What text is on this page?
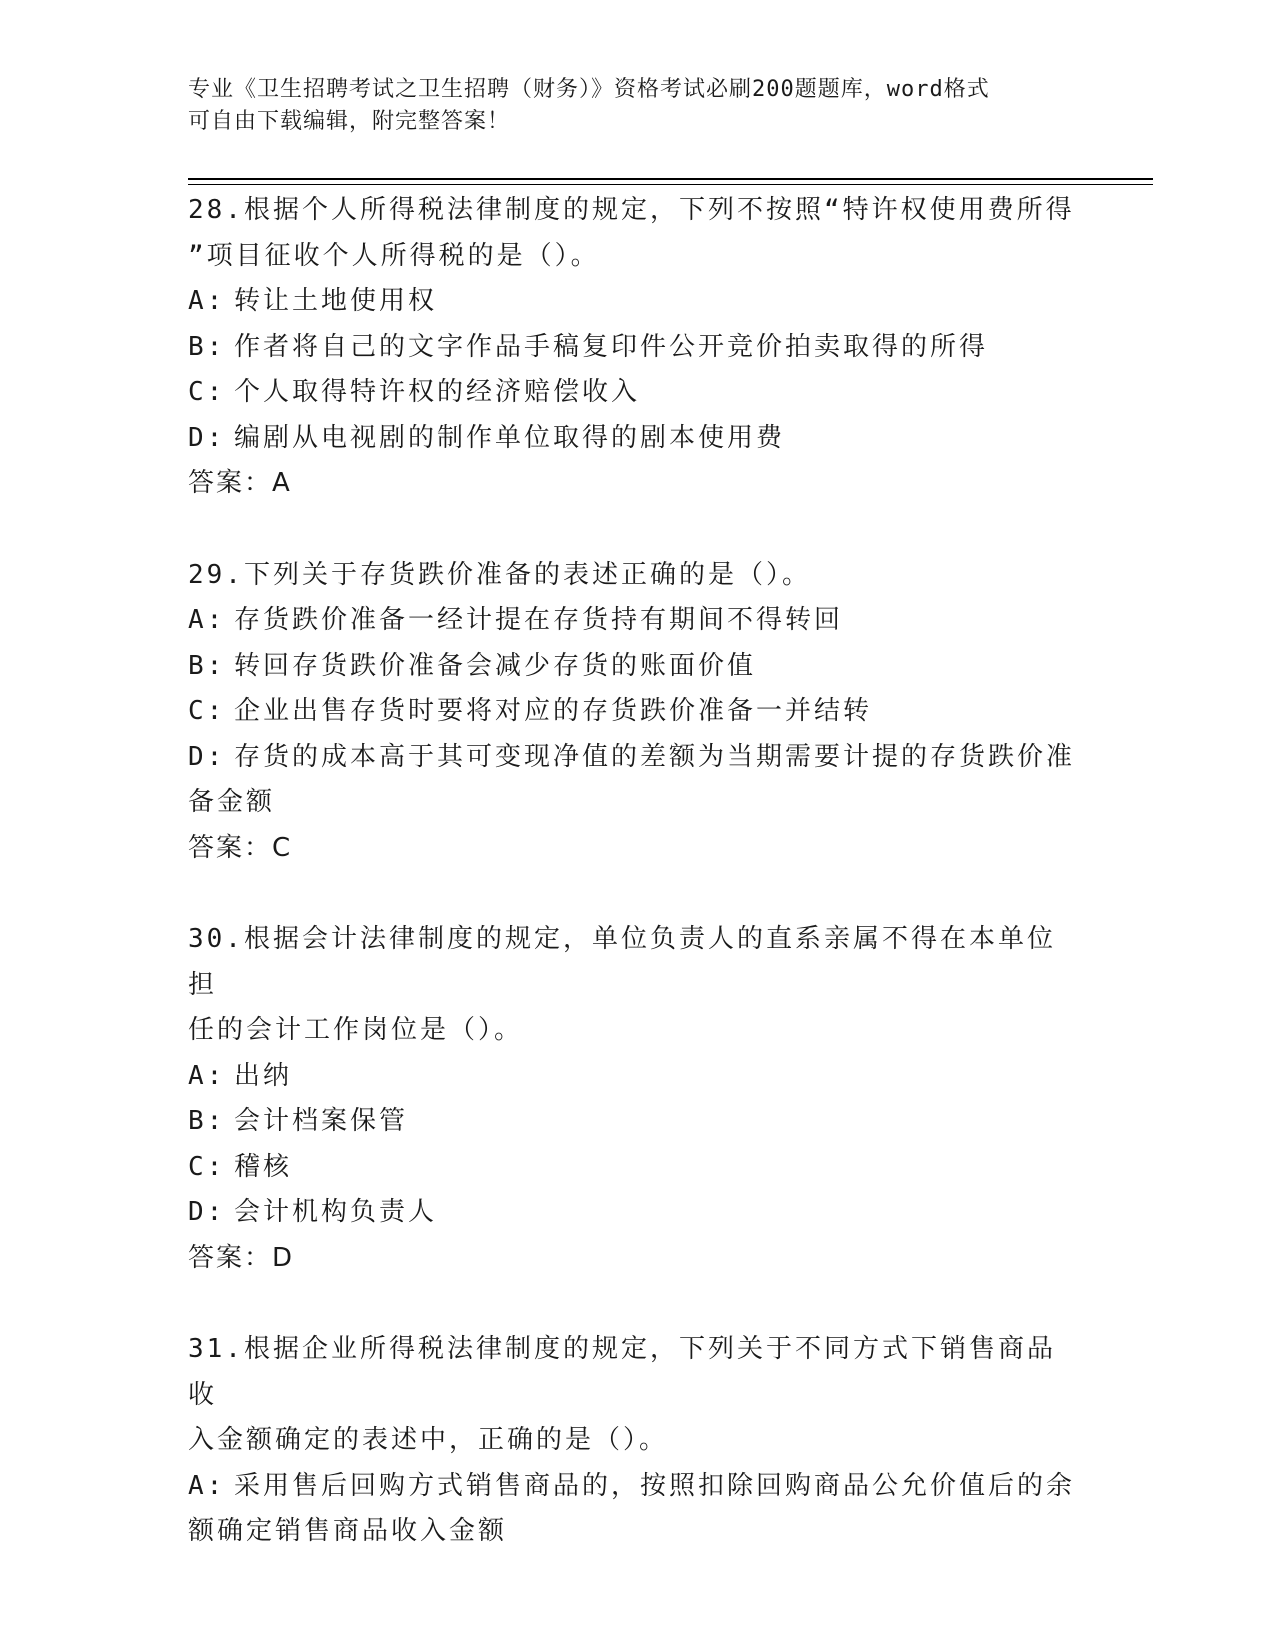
专业《卫生招聘考试之卫生招聘（财务）》资格考试必刷200题题库，word格式
可自由下载编辑，附完整答案！

28.根据个人所得税法律制度的规定，下列不按照“特许权使用费所得

”项目征收个人所得税的是（）。

A: 转让土地使用权

B: 作者将自己的文字作品手稿复印件公开竞价拍卖取得的所得

C: 个人取得特许权的经济赔偿收入

D: 编剧从电视剧的制作单位取得的剧本使用费

答案：A

29.下列关于存货跌价准备的表述正确的是（）。

A: 存货跌价准备一经计提在存货持有期间不得转回

B: 转回存货跌价准备会减少存货的账面价值

C: 企业出售存货时要将对应的存货跌价准备一并结转

D: 存货的成本高于其可变现净值的差额为当期需要计提的存货跌价准

备金额

答案：C

30.根据会计法律制度的规定，单位负责人的直系亲属不得在本单位担

任的会计工作岗位是（）。

A: 出纳

B: 会计档案保管

C: 稽核

D: 会计机构负责人

答案：D

31.根据企业所得税法律制度的规定，下列关于不同方式下销售商品收

入金额确定的表述中，正确的是（）。

A: 采用售后回购方式销售商品的，按照扣除回购商品公允价值后的余

额确定销售商品收入金额
